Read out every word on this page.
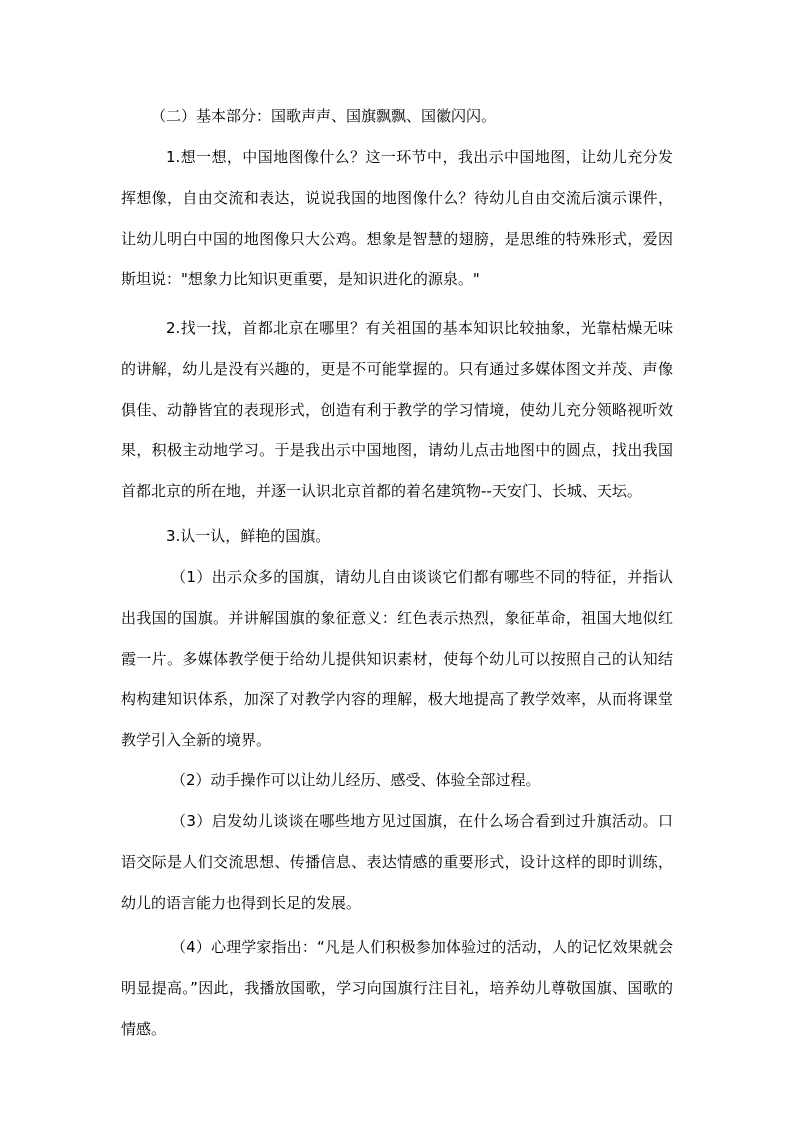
（二）基本部分：国歌声声、国旗飘飘、国徽闪闪。

1.想一想，中国地图像什么？这一环节中，我出示中国地图，让幼儿充分发挥想像，自由交流和表达，说说我国的地图像什么？待幼儿自由交流后演示课件，让幼儿明白中国的地图像只大公鸡。想象是智慧的翅膀，是思维的特殊形式，爱因斯坦说："想象力比知识更重要，是知识进化的源泉。"

2.找一找，首都北京在哪里？有关祖国的基本知识比较抽象，光靠枯燥无味的讲解，幼儿是没有兴趣的，更是不可能掌握的。只有通过多媒体图文并茂、声像俱佳、动静皆宜的表现形式，创造有利于教学的学习情境，使幼儿充分领略视听效果，积极主动地学习。于是我出示中国地图，请幼儿点击地图中的圆点，找出我国首都北京的所在地，并逐一认识北京首都的着名建筑物--天安门、长城、天坛。

3.认一认，鲜艳的国旗。

（1）出示众多的国旗，请幼儿自由谈谈它们都有哪些不同的特征，并指认出我国的国旗。并讲解国旗的象征意义：红色表示热烈，象征革命，祖国大地似红霞一片。多媒体教学便于给幼儿提供知识素材，使每个幼儿可以按照自己的认知结构构建知识体系，加深了对教学内容的理解，极大地提高了教学效率，从而将课堂教学引入全新的境界。

（2）动手操作可以让幼儿经历、感受、体验全部过程。

（3）启发幼儿谈谈在哪些地方见过国旗，在什么场合看到过升旗活动。口语交际是人们交流思想、传播信息、表达情感的重要形式，设计这样的即时训练，幼儿的语言能力也得到长足的发展。

（4）心理学家指出：“凡是人们积极参加体验过的活动，人的记忆效果就会明显提高。”因此，我播放国歌，学习向国旗行注目礼，培养幼儿尊敬国旗、国歌的情感。
